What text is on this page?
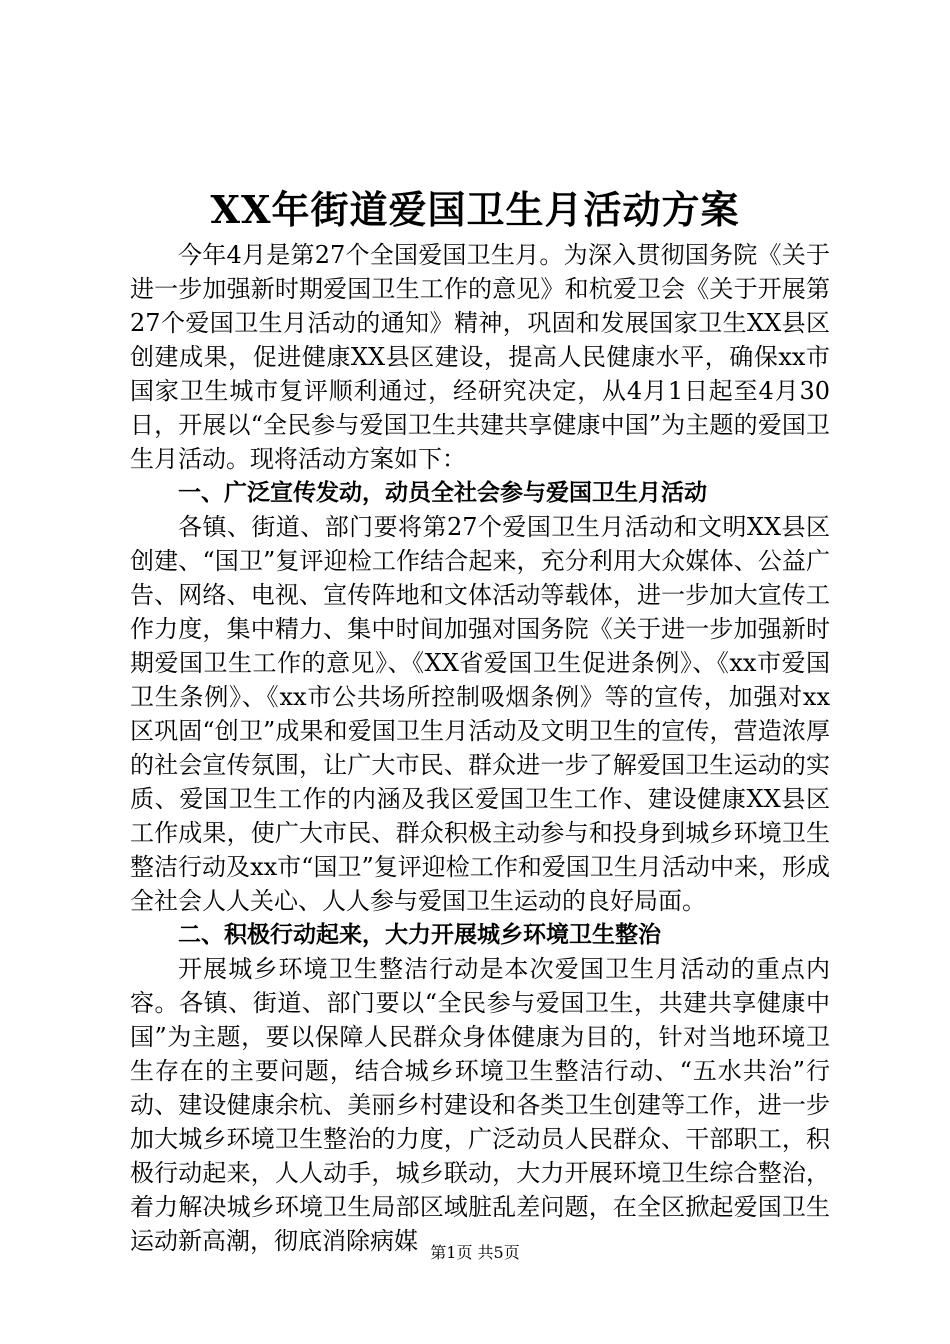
XX年街道爱国卫生月活动方案

今年4月是第27个全国爱国卫生月。为深入贯彻国务院《关于进一步加强新时期爱国卫生工作的意见》和杭爱卫会《关于开展第27个爱国卫生月活动的通知》精神，巩固和发展国家卫生XX县区创建成果，促进健康XX县区建设，提高人民健康水平，确保xx市国家卫生城市复评顺利通过，经研究决定，从4月1日起至4月30日，开展以“全民参与爱国卫生共建共享健康中国”为主题的爱国卫生月活动。现将活动方案如下：

一、广泛宣传发动，动员全社会参与爱国卫生月活动

各镇、街道、部门要将第27个爱国卫生月活动和文明XX县区创建、“国卫”复评迎检工作结合起来，充分利用大众媒体、公益广告、网络、电视、宣传阵地和文体活动等载体，进一步加大宣传工作力度，集中精力、集中时间加强对国务院《关于进一步加强新时期爱国卫生工作的意见》、《XX省爱国卫生促进条例》、《xx市爱国卫生条例》、《xx市公共场所控制吸烟条例》等的宣传，加强对xx区巩固“创卫”成果和爱国卫生月活动及文明卫生的宣传，营造浓厚的社会宣传氛围，让广大市民、群众进一步了解爱国卫生运动的实质、爱国卫生工作的内涵及我区爱国卫生工作、建设健康XX县区工作成果，使广大市民、群众积极主动参与和投身到城乡环境卫生整洁行动及xx市“国卫”复评迎检工作和爱国卫生月活动中来，形成全社会人人关心、人人参与爱国卫生运动的良好局面。

二、积极行动起来，大力开展城乡环境卫生整治

开展城乡环境卫生整洁行动是本次爱国卫生月活动的重点内容。各镇、街道、部门要以“全民参与爱国卫生，共建共享健康中国”为主题，要以保障人民群众身体健康为目的，针对当地环境卫生存在的主要问题，结合城乡环境卫生整洁行动、“五水共治”行动、建设健康余杭、美丽乡村建设和各类卫生创建等工作，进一步加大城乡环境卫生整治的力度，广泛动员人民群众、干部职工，积极行动起来，人人动手，城乡联动，大力开展环境卫生综合整治，着力解决城乡环境卫生局部区域脏乱差问题，在全区掀起爱国卫生运动新高潮，彻底消除病媒 第1页 共5页
